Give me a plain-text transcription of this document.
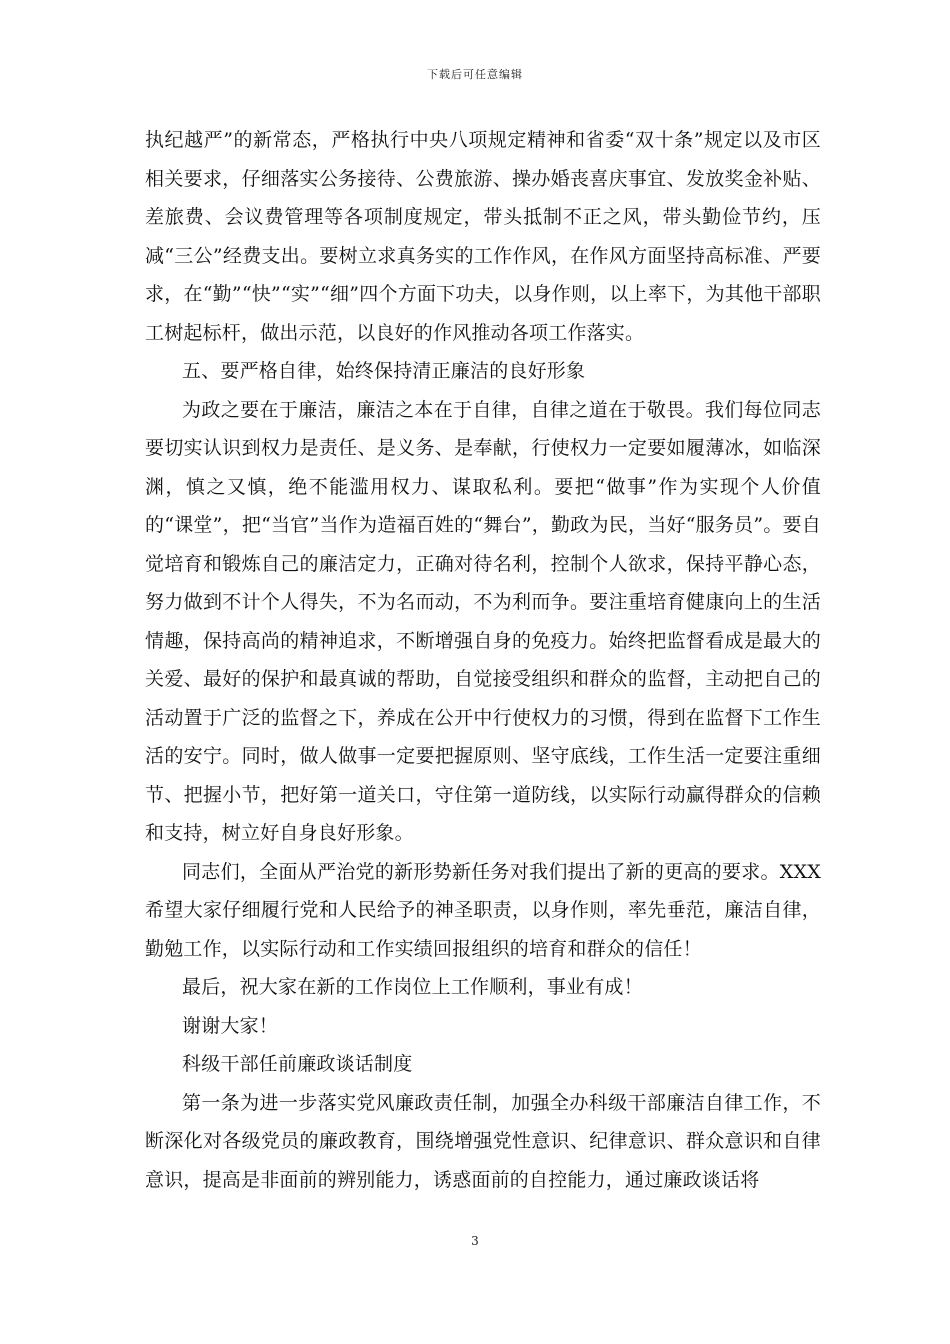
下载后可任意编辑

执纪越严”的新常态，严格执行中央八项规定精神和省委“双十条”规定以及市区相关要求，仔细落实公务接待、公费旅游、操办婚丧喜庆事宜、发放奖金补贴、差旅费、会议费管理等各项制度规定，带头抵制不正之风，带头勤俭节约，压减“三公”经费支出。要树立求真务实的工作作风，在作风方面坚持高标准、严要求，在“勤”“快”“实”“细”四个方面下功夫，以身作则，以上率下，为其他干部职工树起标杆，做出示范，以良好的作风推动各项工作落实。

五、要严格自律，始终保持清正廉洁的良好形象

为政之要在于廉洁，廉洁之本在于自律，自律之道在于敬畏。我们每位同志要切实认识到权力是责任、是义务、是奉献，行使权力一定要如履薄冰，如临深渊，慎之又慎，绝不能滥用权力、谋取私利。要把“做事”作为实现个人价值的“课堂”，把“当官”当作为造福百姓的“舞台”，勤政为民，当好“服务员”。要自觉培育和锻炼自己的廉洁定力，正确对待名利，控制个人欲求，保持平静心态，努力做到不计个人得失，不为名而动，不为利而争。要注重培育健康向上的生活情趣，保持高尚的精神追求，不断增强自身的免疫力。始终把监督看成是最大的关爱、最好的保护和最真诚的帮助，自觉接受组织和群众的监督，主动把自己的活动置于广泛的监督之下，养成在公开中行使权力的习惯，得到在监督下工作生活的安宁。同时，做人做事一定要把握原则、坚守底线，工作生活一定要注重细节、把握小节，把好第一道关口，守住第一道防线，以实际行动赢得群众的信赖和支持，树立好自身良好形象。

同志们，全面从严治党的新形势新任务对我们提出了新的更高的要求。XXX希望大家仔细履行党和人民给予的神圣职责，以身作则，率先垂范，廉洁自律，勤勉工作，以实际行动和工作实绩回报组织的培育和群众的信任！

最后，祝大家在新的工作岗位上工作顺利，事业有成！

谢谢大家！

科级干部任前廉政谈话制度

第一条为进一步落实党风廉政责任制，加强全办科级干部廉洁自律工作，不断深化对各级党员的廉政教育，围绕增强党性意识、纪律意识、群众意识和自律意识，提高是非面前的辨别能力，诱惑面前的自控能力，通过廉政谈话将

3
